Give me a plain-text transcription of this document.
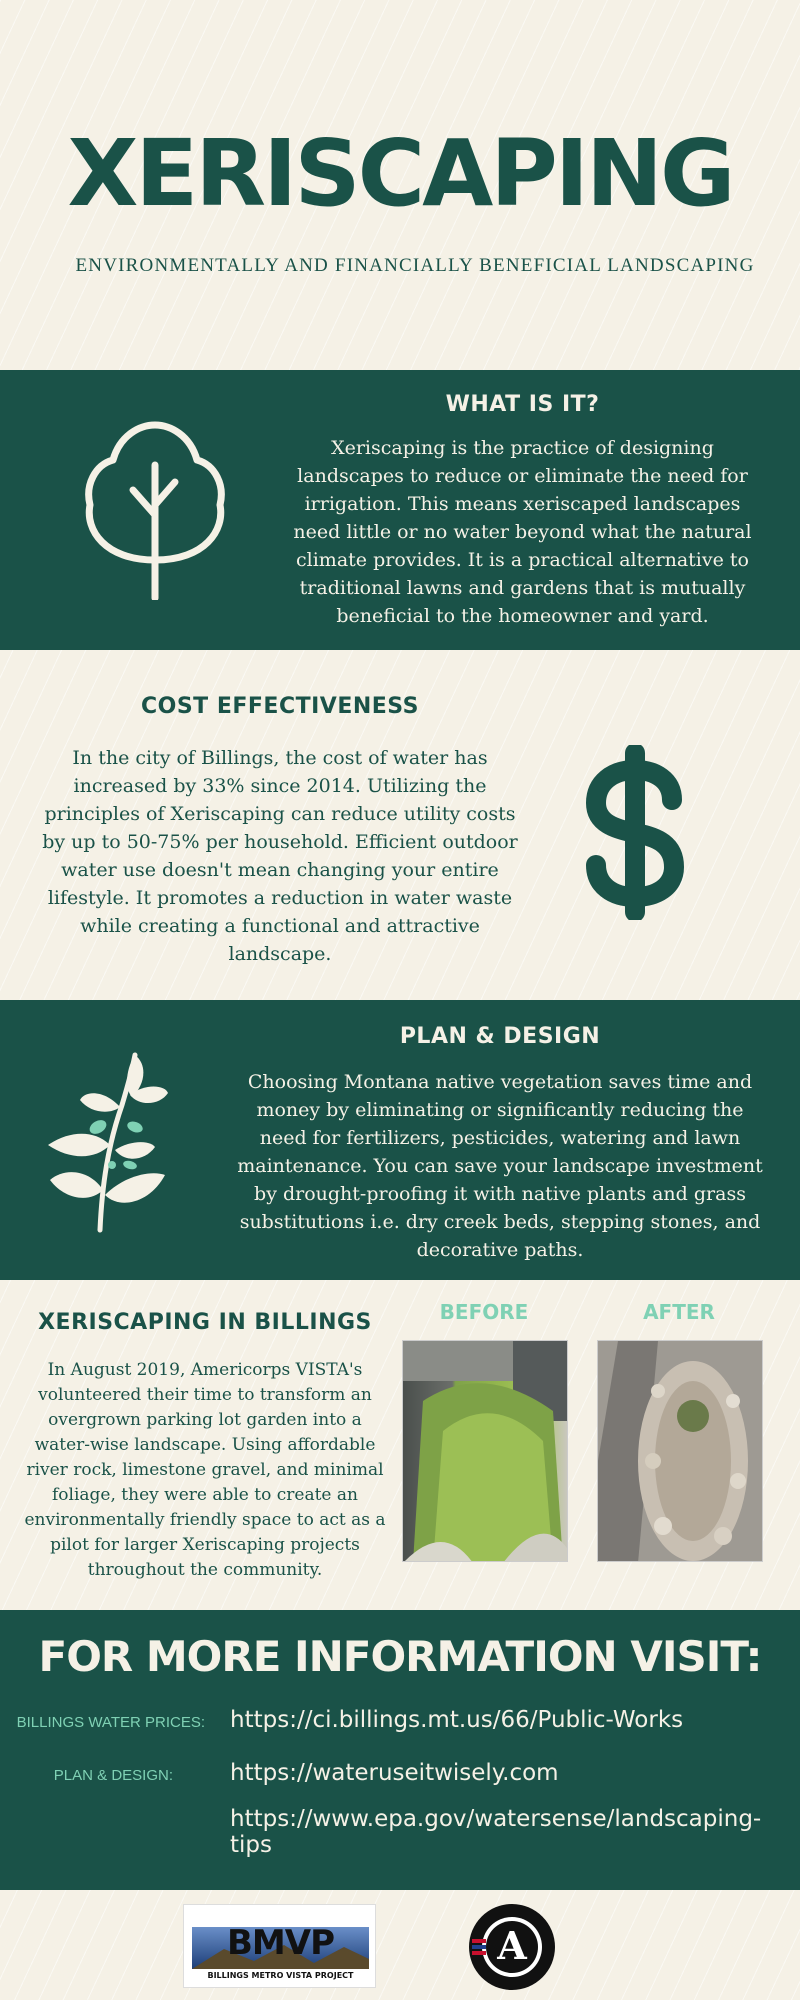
XERISCAPING
ENVIRONMENTALLY AND FINANCIALLY BENEFICIAL LANDSCAPING
WHAT IS IT?
Xeriscaping is the practice of designing landscapes to reduce or eliminate the need for irrigation. This means xeriscaped landscapes need little or no water beyond what the natural climate provides. It is a practical alternative to traditional lawns and gardens that is mutually beneficial to the homeowner and yard.
COST EFFECTIVENESS
In the city of Billings, the cost of water has increased by 33% since 2014. Utilizing the principles of Xeriscaping can reduce utility costs by up to 50-75% per household. Efficient outdoor water use doesn't mean changing your entire lifestyle. It promotes a reduction in water waste while creating a functional and attractive landscape.
PLAN & DESIGN
Choosing Montana native vegetation saves time and money by eliminating or significantly reducing the need for fertilizers, pesticides, watering and lawn maintenance. You can save your landscape investment by drought-proofing it with native plants and grass substitutions i.e. dry creek beds, stepping stones, and decorative paths.
XERISCAPING IN BILLINGS
In August 2019, Americorps VISTA's volunteered their time to transform an overgrown parking lot garden into a water-wise landscape. Using affordable river rock, limestone gravel, and minimal foliage, they were able to create an environmentally friendly space to act as a pilot for larger Xeriscaping projects throughout the community.
BEFORE	AFTER
FOR MORE INFORMATION VISIT:
BILLINGS WATER PRICES: https://ci.billings.mt.us/66/Public-Works
PLAN & DESIGN: https://wateruseitwisely.com
https://www.epa.gov/watersense/landscaping-tips
BMVP
BILLINGS METRO VISTA PROJECT
A
